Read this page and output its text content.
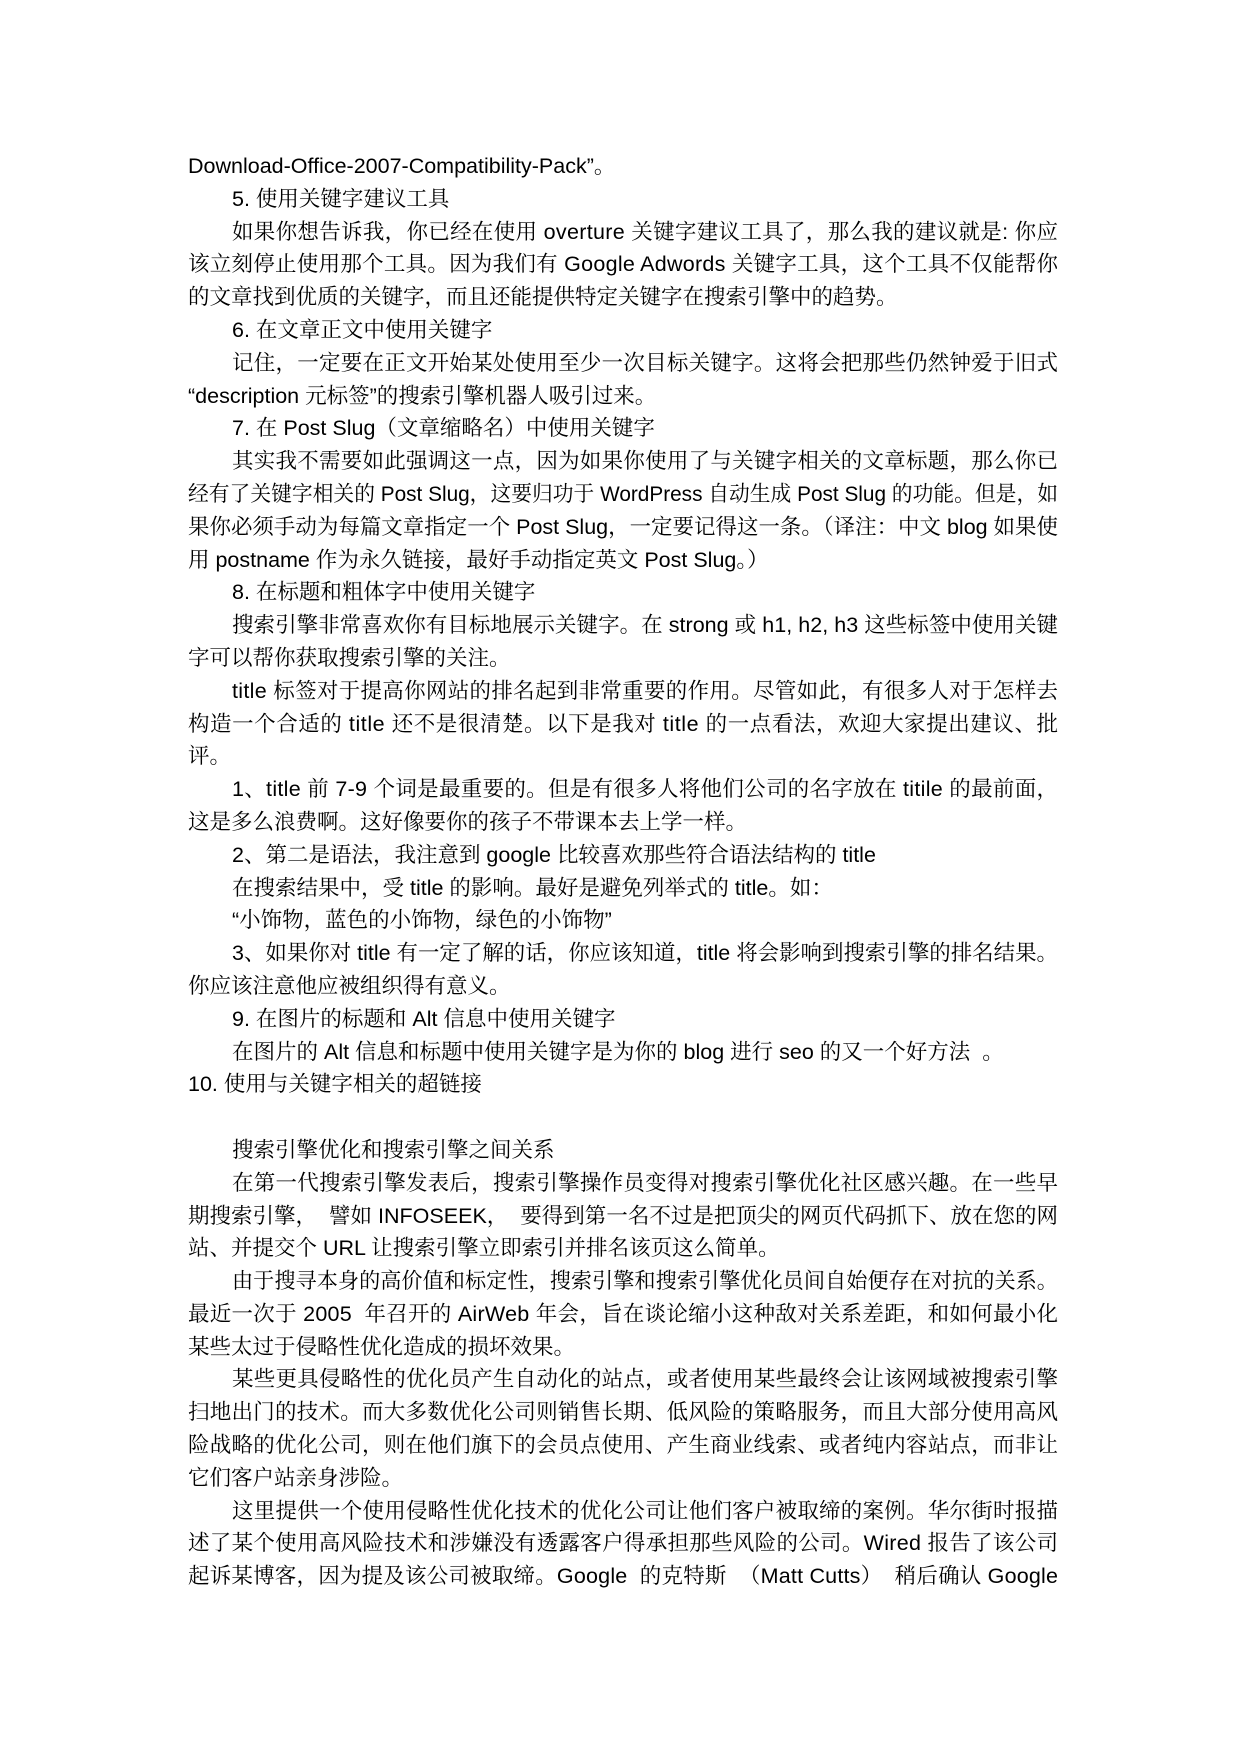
Download-Office-2007-Compatibility-Pack”。
5. 使用关键字建议工具
如果你想告诉我，你已经在使用 overture 关键字建议工具了，那么我的建议就是: 你应
该立刻停止使用那个工具。因为我们有 Google Adwords 关键字工具，这个工具不仅能帮你
的文章找到优质的关键字，而且还能提供特定关键字在搜索引擎中的趋势。
6. 在文章正文中使用关键字
记住，一定要在正文开始某处使用至少一次目标关键字。这将会把那些仍然钟爱于旧式
“description 元标签”的搜索引擎机器人吸引过来。
7. 在 Post Slug（文章缩略名）中使用关键字
其实我不需要如此强调这一点，因为如果你使用了与关键字相关的文章标题，那么你已
经有了关键字相关的 Post Slug，这要归功于 WordPress 自动生成 Post Slug 的功能。但是，如
果你必须手动为每篇文章指定一个 Post Slug，一定要记得这一条。（译注：中文 blog 如果使
用 postname 作为永久链接，最好手动指定英文 Post Slug。）
8. 在标题和粗体字中使用关键字
搜索引擎非常喜欢你有目标地展示关键字。在 strong 或 h1, h2, h3 这些标签中使用关键
字可以帮你获取搜索引擎的关注。
title 标签对于提高你网站的排名起到非常重要的作用。尽管如此，有很多人对于怎样去
构造一个合适的 title 还不是很清楚。以下是我对 title 的一点看法，欢迎大家提出建议、批
评。
1、title 前 7-9 个词是最重要的。但是有很多人将他们公司的名字放在 titile 的最前面，
这是多么浪费啊。这好像要你的孩子不带课本去上学一样。
2、第二是语法，我注意到 google 比较喜欢那些符合语法结构的 title
在搜索结果中，受 title 的影响。最好是避免列举式的 title。如：
“小饰物，蓝色的小饰物，绿色的小饰物”
3、如果你对 title 有一定了解的话，你应该知道，title 将会影响到搜索引擎的排名结果。
你应该注意他应被组织得有意义。
9. 在图片的标题和 Alt 信息中使用关键字
在图片的 Alt 信息和标题中使用关键字是为你的 blog 进行 seo 的又一个好方法  。
10. 使用与关键字相关的超链接
搜索引擎优化和搜索引擎之间关系
在第一代搜索引擎发表后，搜索引擎操作员变得对搜索引擎优化社区感兴趣。在一些早
期搜索引擎，  譬如 INFOSEEK，  要得到第一名不过是把顶尖的网页代码抓下、放在您的网
站、并提交个 URL 让搜索引擎立即索引并排名该页这么简单。
由于搜寻本身的高价值和标定性，搜索引擎和搜索引擎优化员间自始便存在对抗的关系。
最近一次于 2005  年召开的 AirWeb 年会，旨在谈论缩小这种敌对关系差距，和如何最小化
某些太过于侵略性优化造成的损坏效果。
某些更具侵略性的优化员产生自动化的站点，或者使用某些最终会让该网域被搜索引擎
扫地出门的技术。而大多数优化公司则销售长期、低风险的策略服务，而且大部分使用高风
险战略的优化公司，则在他们旗下的会员点使用、产生商业线索、或者纯内容站点，而非让
它们客户站亲身涉险。
这里提供一个使用侵略性优化技术的优化公司让他们客户被取缔的案例。华尔街时报描
述了某个使用高风险技术和涉嫌没有透露客户得承担那些风险的公司。Wired 报告了该公司
起诉某博客，因为提及该公司被取缔。Google  的克特斯  （Matt Cutts）  稍后确认 Google
